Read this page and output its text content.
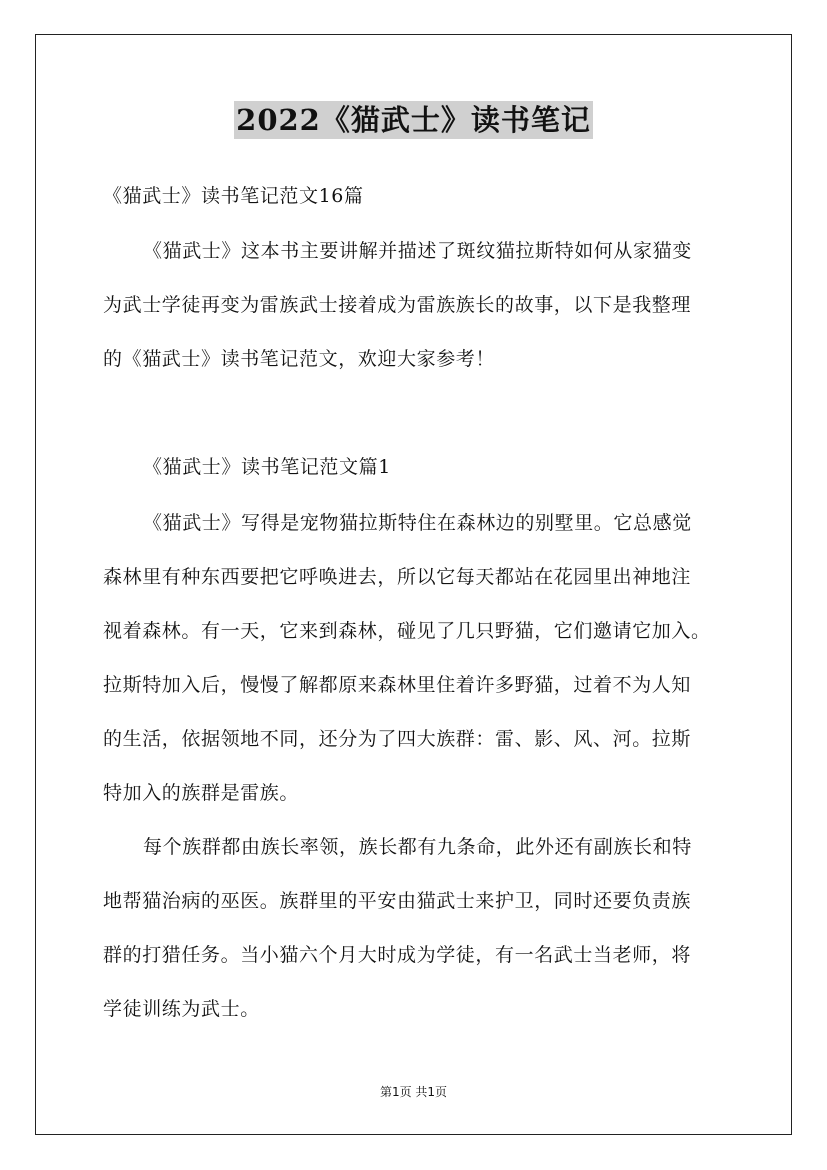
2022《猫武士》读书笔记
《猫武士》读书笔记范文16篇
《猫武士》这本书主要讲解并描述了斑纹猫拉斯特如何从家猫变
为武士学徒再变为雷族武士接着成为雷族族长的故事，以下是我整理
的《猫武士》读书笔记范文，欢迎大家参考！
《猫武士》读书笔记范文篇1
《猫武士》写得是宠物猫拉斯特住在森林边的别墅里。它总感觉
森林里有种东西要把它呼唤进去，所以它每天都站在花园里出神地注
视着森林。有一天，它来到森林，碰见了几只野猫，它们邀请它加入。
拉斯特加入后，慢慢了解都原来森林里住着许多野猫，过着不为人知
的生活，依据领地不同，还分为了四大族群：雷、影、风、河。拉斯
特加入的族群是雷族。
每个族群都由族长率领，族长都有九条命，此外还有副族长和特
地帮猫治病的巫医。族群里的平安由猫武士来护卫，同时还要负责族
群的打猎任务。当小猫六个月大时成为学徒，有一名武士当老师，将
学徒训练为武士。
第1页 共1页
